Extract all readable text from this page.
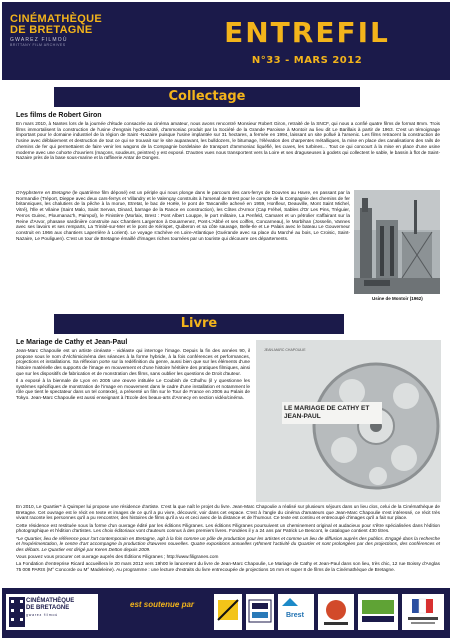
CINÉMATHÈQUE
DE BRETAGNE
GWAREZ FILMOÙ
BRITTANY FILM ARCHIVES	ENTREFIL
N°33 - MARS 2012
Collectage
Les films de Robert Giron

En mars 2010, à Nantes lors de la journée d'étude consacrée au cinéma amateur, nous avons rencontré Monsieur Robert Giron, retraité de la SNCF, qui nous a confié quatre films de format 8mm. Trois films immortalisent la construction de l'usine d'engrais hydro-azoté, d'ammoniac produit par la Société de la Grande Paroisse à Montoir au lieu dit Le Barillais à partir de 1963. C'est un témoignage important pour le domaine industriel de la région de Saint -Nazaire puisque l'usine implantée sur 31 hectares, a fermée en 1994, laissant un site pollué à l'arsenic. Les films retracent la construction de l'usine avec déblaiement et destruction de tout ce qui se trouvait sur le site auparavant, les bulldozers, le bitumage, l'élévation des charpentes métalliques, la mise en place des canalisations des rails de chemins de fer qui permettaient de faire venir les wagons de la Compagnie bordelaise de transport d'ammoniac liquéfié, les cuves, les turbines… Tout ce qui concourt à la mise en place d'une usine moderne avec une cohorte d'ouvriers (maçons, soudeurs, peintres) y est exposé. D'autres vues nous transportent vers la Loire et ses draguseuses à godets qui collectent le sable, le bassin à flot de Saint-Nazaire près de la base sous-marine et la raffinerie Antar de Donges.

D'Hypbsterre en Bretagne (le quatrième film déposé) est un périple qui nous plonge dans le parcours des cars-ferrys de Douvres au Havre, en passant par la Normandie (Tréport, Dieppe avec deux cars-ferrys et Villandry et le Valençay construits à l'arsenal de Brest pour le compte de la Compagnie des chemins de fer britanniques, les chalutiers de la pêche à la morue, Etretat, le bac de Hoële, le pont de Tancarville achevé en 1959, Honfleur, Deauville, Mont Saint Michel, Vitré), l'Ille et Vilaine (Saint Malo, Saint Servan, Dinard, barrage de la Rance en construction), les Côtes d'Armor (Cap Fréhel, Sables d'Or Les Pins, Tréguier, Perros Guirec, Ploumanac'h, Paimpol), le Finistère (Morlaix, Brest : Pont Albert Louppe, le port militaire, La Penfeld, Camaret et un pétrolier s'affairant sur la Reine d'Arvor, phasase sardinière construite aux Chantiers Largenton à Douarnenez, Pont-L'Abbé et ses coiffes, Concarneau), le Morbihan (Josselin, Vannes avec ses lavoirs et ses remparts, La Trinité-sur-Mer et le pont de Kérispet, Quiberon et sa côte sauvage, Belle-Ile et Le Palais avec le bateau Le Gouverneur construit en 1966 aux chantiers Laperrière à Lorient). Le voyage s'achève en Loire-Atlantique (Guérande avec sa place du Marché au bois, Le Croisic, Saint-Nazaire, Le Pouliguen). C'est un tour de Bretagne émaillé d'images riches tournées par un touriste qui découvre ces départements.

Usine de Montoir (1962)
Livre
Le Mariage de Cathy et Jean-Paul

Jean-Marc Chapoulie est un artiste cinéaste - vidéaste qui interroge l'image. Depuis la fin des années 90, il propose sous le nom d'Alchimicinéma des séances à la forme hybride, à la fois conférences et performances, projections et installations. Sa réflexion porte sur la redéfinition du genre, aussi bien que sur les éléments d'une histoire matérielle des supports de l'image en mouvement et d'une histoire héritière des pratiques filmiques, ainsi que sur les dispositifs de fabrication et de monstration des films, sans oublier les questions de Droit d'auteur.

Il a exposé à la biennale de Lyon en 2005 une œuvre intitulée Le Coubish de Cthulhu (il y questionne les systèmes spécifiques de monstration de l'image en mouvement dans le cadre d'une installation et notamment le rôle que tient le spectateur dans un tel contexte), a présenté un film sur le Tour de France en 2006 au Palais de Tokyo. Jean-Marc Chapoulie est aussi enseignant à l'Ecole des beaux-arts d'Annecy en section vidéo/cinéma.

JEAN-MARC CHAPOULIE
LE MARIAGE DE CATHY ET JEAN-PAUL

En 2010, Le Quartier* à Quimper lui propose une résidence d'artiste. C'est la que naît le projet du livre. Jean-Marc Chapoulie a réalisé sur plusieurs séjours dans un lieu clos, celui de la Cinémathèque de Bretagne. Cet ouvrage est le récit en texte et images de ce qu'il a pu vivre, découvrir, voir dans cet espace. C'est à l'angle du cinéma d'amateurs que Jean-Marc Chapoulie s'est intéressé, ce récit très vivant raconte les personnes qu'il a pu rencontrer, des histoires de films qu'il a vu et ceci avec de la distance et de l'humour. Ce texte est continu et entrecoupé d'images qu'il a fait sur place.

Cette résidence est restituée sous la forme d'un ouvrage édité par les éditions Filigranes. Les éditions Filigranes poursuivent un cheminement original et audacieux pour s'être spécialisées dans l'édition photographique et l'édition d'artistes. Les choix éditoriaux vont d'auteurs connus à des premiers livres. Fondées il y a 24 ans par Patrick Le Bescont, le catalogue contient 430 titres.

*Le Quartier, lieu de référence pour l'art contemporain en Bretagne, agit à la fois comme un pôle de production pour les artistes et comme un lieu de diffusion auprès des publics. Engagé dans la recherche et l'expérimentation, le centre d'art accompagne la production d'œuvres nouvelles. Quatre expositions annuelles rythment l'activité du Quartier et sont prolongées par des projections, des conférences et des débats. Le Quartier est dirigé par Keren Detton depuis 2009.

Vous pouvez vous procurer cet ouvrage auprès des Éditions Filigranes ; http://www.filigranes.com

La Fondation d'entreprise Ricard accueillera le 20 mars 2012 vers 19h00 le lancement du livre de Jean-Marc Chapoulie, Le Mariage de Cathy et Jean-Paul dans son lieu, très chic, 12 rue Boissy d'Anglas 75 008 PARIS (M° Concorde ou M° Madeleine). Au programme : une lecture d'extraits du livre entrecoupée de projections 16 mm et super 8 de films de la Cinémathèque de Bretagne.

CINÉMATHÈQUE
DE BRETAGNE
gwarez filmoù
est soutenue par
Brest
